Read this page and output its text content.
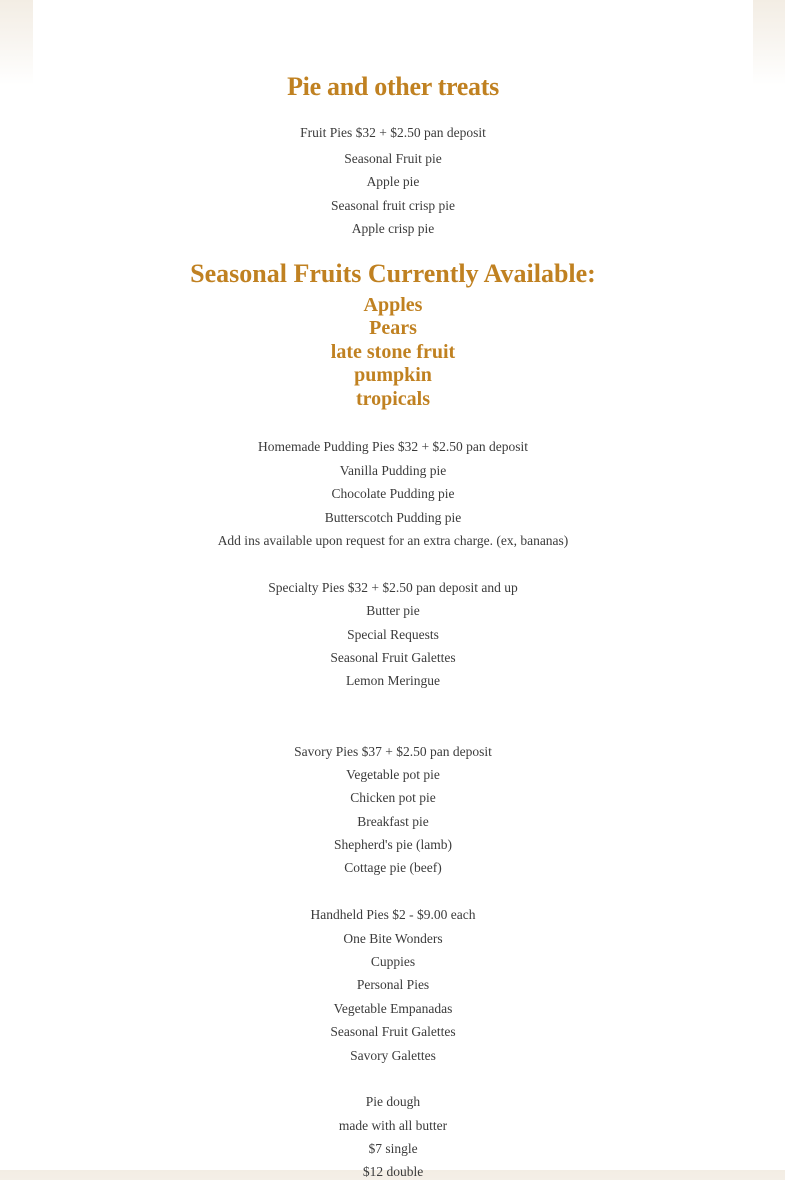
Pie and other treats
Fruit Pies $32 + $2.50 pan deposit
Seasonal Fruit pie
Apple pie
Seasonal fruit crisp pie
Apple crisp pie
Seasonal Fruits Currently Available:
Apples
Pears
late stone fruit
pumpkin
tropicals
Homemade Pudding Pies $32 + $2.50 pan deposit
Vanilla Pudding pie
Chocolate Pudding pie
Butterscotch Pudding pie
Add ins available upon request for an extra charge. (ex, bananas)
Specialty Pies $32 + $2.50 pan deposit and up
Butter pie
Special Requests
Seasonal Fruit Galettes
Lemon Meringue
Savory Pies $37 + $2.50 pan deposit
Vegetable pot pie
Chicken pot pie
Breakfast pie
Shepherd's pie (lamb)
Cottage pie (beef)
Handheld Pies $2 - $9.00 each
One Bite Wonders
Cuppies
Personal Pies
Vegetable Empanadas
Seasonal Fruit Galettes
Savory Galettes
Pie dough
made with all butter
$7 single
$12 double
